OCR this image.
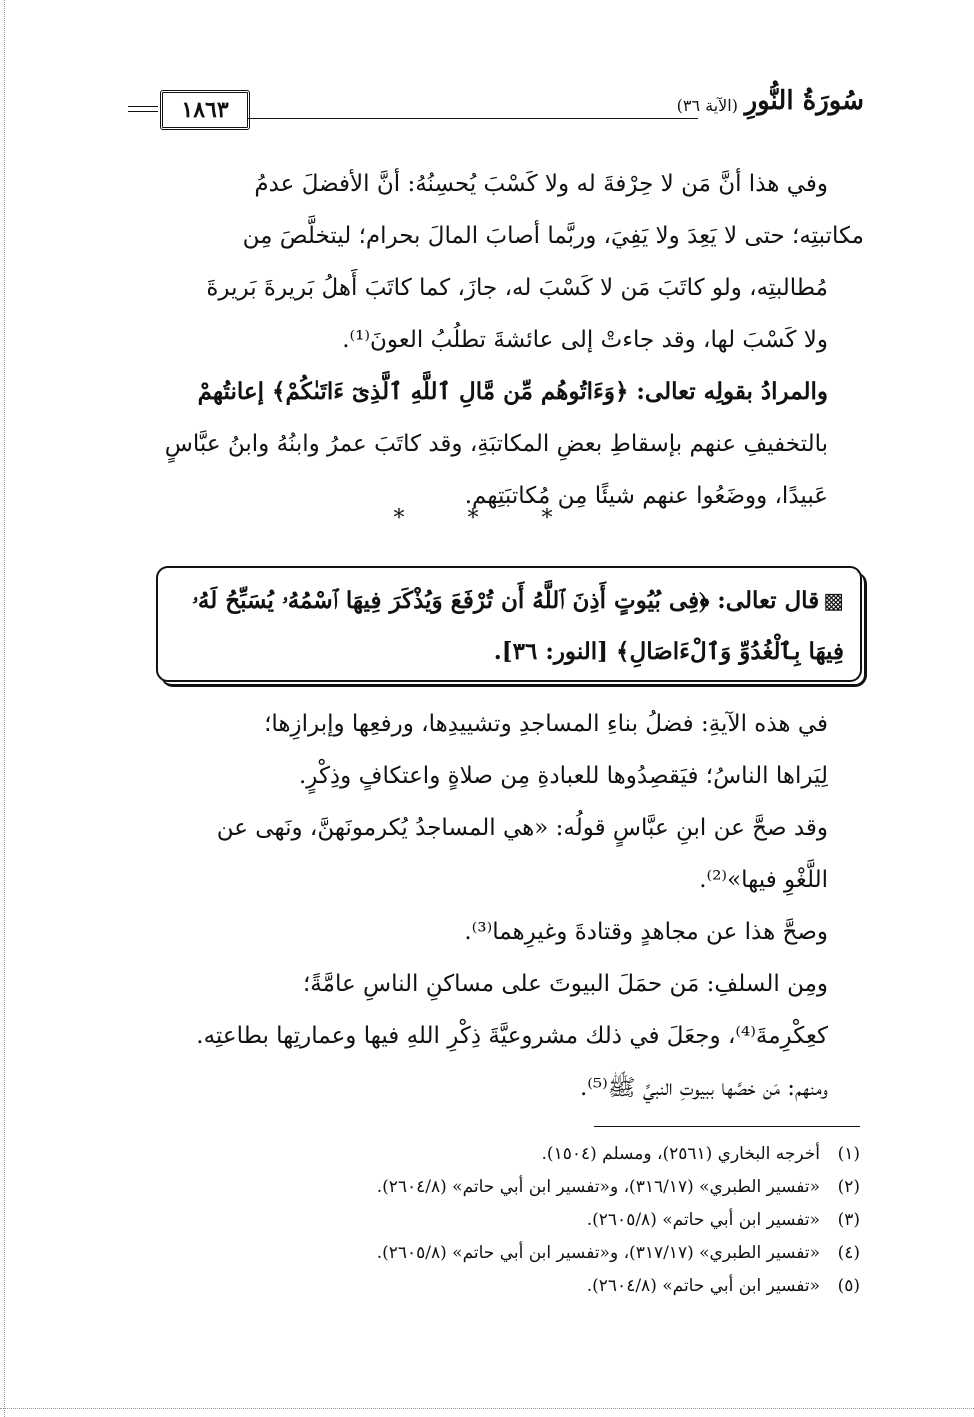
سُورَةُ النُّورِ
(الآية ٣٦)
١٨٦٣

وفي هذا أنَّ مَن لا حِرْفةَ له ولا كَسْبَ يُحسِنُهُ: أنَّ الأفضلَ عدمُ
مكاتبتِه؛ حتى لا يَعِدَ ولا يَفِيَ، وربَّما أصابَ المالَ بحرام؛ ليتخلَّصَ مِن
مُطالبتِه، ولو كاتَبَ مَن لا كَسْبَ له، جازَ، كما كاتَبَ أَهلُ بَريرةَ بَريرةَ
ولا كَسْبَ لها، وقد جاءتْ إلى عائشةَ تطلُبُ العونَ⁽¹⁾.

والمرادُ بقولِه تعالى: ﴿وَءَاتُوهُم مِّن مَّالِ ٱللَّهِ ٱلَّذِىٓ ءَاتَىٰكُمْ﴾ إعانتُهمْ
بالتخفيفِ عنهم بإسقاطِ بعضِ المكاتبَةِ، وقد كاتَبَ عمرُ وابنُهُ وابنُ عبَّاسٍ
عَبيدًا، ووضَعُوا عنهم شيئًا مِن مُكاتبَتِهم.

* * *
▩قال تعالى: ﴿فِى بُيُوتٍ أَذِنَ ٱللَّهُ أَن تُرْفَعَ وَيُذْكَرَ فِيهَا ٱسْمُهُۥ يُسَبِّحُ لَهُۥ
فِيهَا بِٱلْغُدُوِّ وَٱلْءَاصَالِ﴾ [النور: ٣٦].

في هذه الآيةِ: فضلُ بناءِ المساجدِ وتشييدِها، ورفعِها وإبرازِها؛
لِيَراها الناسُ؛ فيَقصِدُوها للعبادةِ مِن صلاةٍ واعتكافٍ وذِكْرٍ.

وقد صحَّ عن ابنِ عبَّاسٍ قولُه: «هي المساجدُ يُكرمونَهنَّ، ونَهى عن
اللَّغْوِ فيها»⁽²⁾.

وصحَّ هذا عن مجاهدٍ وقتادةَ وغيرِهما⁽³⁾.

ومِن السلفِ: مَن حمَلَ البيوتَ على مساكنِ الناسِ عامَّةً؛
كعِكْرِمةَ⁽⁴⁾، وجعَلَ في ذلك مشروعيَّةَ ذِكْرِ اللهِ فيها وعمارتِها بطاعتِه.

ومنهم: مَن خصَّها ببيوتِ النبيِّ ﷺ⁽⁵⁾.

(١)أخرجه البخاري (٢٥٦١)، ومسلم (١٥٠٤).
(٢)«تفسير الطبري» (٣١٦/١٧)، و«تفسير ابن أبي حاتم» (٢٦٠٤/٨).
(٣)«تفسير ابن أبي حاتم» (٢٦٠٥/٨).
(٤)«تفسير الطبري» (٣١٧/١٧)، و«تفسير ابن أبي حاتم» (٢٦٠٥/٨).
(٥)«تفسير ابن أبي حاتم» (٢٦٠٤/٨).
